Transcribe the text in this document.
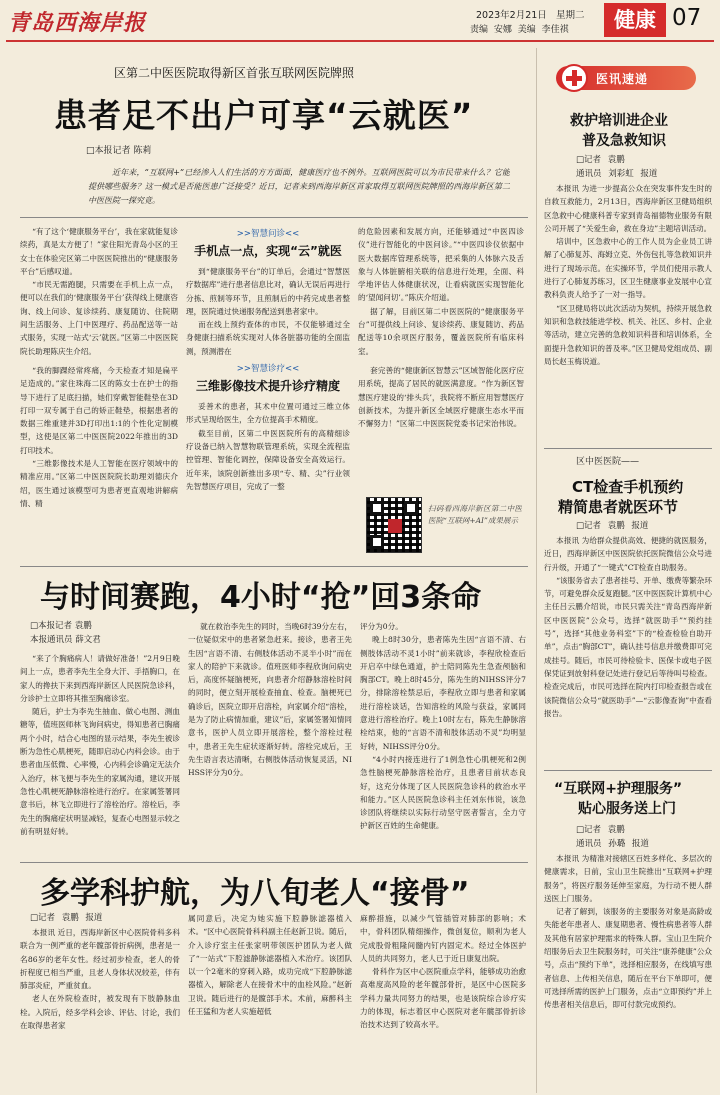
青岛西海岸报	2023年2月21日 星期二
责编 安娜 美编 李佳祺	健康 07
区第二中医医院取得新区首张互联网医院牌照
患者足不出户可享“云就医”
□本报记者 陈莉
近年来，“互联网+”已经渗入人们生活的方方面面，健康医疗也不例外。互联网医院可以为市民带来什么？它能提供哪些服务？这一模式是否能医患广泛接受？近日，记者来到西海岸新区首家取得互联网医院牌照的西海岸新区第二中医医院一探究竟。

“有了这个‘健康服务平台’，我在家就能复诊续药，真是太方便了！”家住阳光青岛小区的王女士在体验完区第二中医医院推出的“健康服务平台”后感叹道。

“市民无需跑腿，只需要在手机上点一点，便可以在我们的‘健康服务平台’获得线上健康咨询、线上问诊、复诊续药、康复随访、住院期间生活服务、上门中医理疗、药品配送等一站式服务，实现一站式‘云’就医。”区第二中医医院院长助理陈庆生介绍。

“我的脚踝经常疼痛，今天检查才知是扁平足造成的。”家住珠海二区的陈女士在护士的指导下进行了足底扫描，她们穿戴智能鞋垫在3D打印一双专属于自己的矫正鞋垫，根据患者的数据三维重建并3D打印出1:1的个性化定制模型，这使是区第二中医医院2022年推出的3D打印技术。

“三维影像技术是人工智能在医疗领域中的精准应用。”区第二中医医院院长助理刘德庆介绍，医生通过该模型可为患者更直观地讲解病情、精

>>智慧问诊<<
手机点一点，实现“云”就医

到“健康服务平台”的订单后，会通过“智慧医疗数据库”进行患者信息比对，确认无误后再进行分拣、煎制等环节，且煎制后的中药完成患者整理，医院通过快递服务配送到患者家中。

而在线上预约查体的市民，不仅能够通过全身健康扫描系统实现对人体各脏器功能的全面监测，预测潜在

>>智慧诊疗<<
三维影像技术提升诊疗精度

妥善术的患者，其术中位置可通过三维立体形式呈现给医生，全方位提高手术精度。

截至目前，区第二中医医院所有的高精细诊疗设备已纳入智慧物联管理系统，实现全流程监控管理、智能化调控，保障设备安全高效运行。近年来，该院创新推出多项“专、精、尖”行业领先智慧医疗项目，完成了一整

的危险因素和发展方向，还能够通过“中医四诊仪”进行智能化的中医问诊。”“中医四诊仪依据中医大数据库管理系统等，把采集的人体脉六及舌象与人体脏腑相关联的信息进行处理，全面、科学地评估人体健康状况，让看病就医实现智能化的‘望闻问切’。”陈庆介绍道。

据了解，目前区第二中医医院的“健康服务平台”可提供线上问诊、复诊续药、康复随访、药品配送等10余项医疗服务，覆盖医院所有临床科室。

套完善的“健康新区智慧云”区域智能化医疗应用系统，提高了居民的就医满意度。“作为新区智慧医疗建设的‘排头兵’，我院将不断应用智慧医疗创新技术，为提升新区全域医疗健康生态水平而不懈努力！”区第二中医医院党委书记宋治伟说。

扫码看西海岸新区第二中医医院“互联网+AI”成果展示
与时间赛跑，4小时“抢”回3条命
□本报记者 袁鹏
本报通讯员 薛文君

“来了个胸痛病人！请做好准备！”2月9日晚间上一点，患者李先生全身大汗、手捂胸口，在家人的搀扶下来到西海岸新区人民医院急诊科，分诊护士立即将其推至胸痛诊室。

随后，护士为李先生抽血、做心电图、测血糖等，值班医师林飞询问病史，得知患者已胸痛两个小时，结合心电图的显示结果，李先生被诊断为急性心肌梗死，随即启动心内科会诊。由于患者血压低微、心率慢，心内科会诊确定无法介入治疗，林飞便与李先生的家属沟通，建议开展急性心肌梗死静脉溶栓进行治疗。在家属签署同意书后，林飞立即进行了溶栓治疗。溶栓后，李先生的胸痛症状明显减轻，复查心电图显示较之前有明显好转。

就在救治李先生的同时，当晚6时39分左右，一位疑似宋中的患者紧急赶来。接诊，患者王先生因“言语不清、右侧肢体活动不灵半小时”而在家人的陪护下来就诊。值班医师李程欣询问病史后，高度怀疑脑梗死，向患者介绍静脉溶栓时间的同时，便立刻开展检查抽血、检查。脑梗死已确诊后，医院立即开启溶栓，向家属介绍“溶栓，是为了防止病情加重，建议”后，家属签署知情同意书，医护人员立即开展溶栓，整个溶栓过程中，患者王先生症状逐渐好转。溶栓完成后，王先生语言表达清晰，右侧肢体活动恢复灵活，NIHSS评分为0分。

评分为0分。

晚上8时30分，患者陈先生因“言语不清、右侧肢体活动不灵1小时”前来就诊，李程欣检查后开启卒中绿色通道，护士陪同陈先生急查颅脑和胸部CT。晚上8时45分，陈先生的NIHSS评分7分，排除溶栓禁忌后，李程欣立即与患者和家属进行溶栓谈话，告知溶栓的风险与获益，家属同意进行溶栓治疗。晚上10时左右，陈先生静脉溶栓结束，他的“言语不清和肢体活动不灵”均明显好转，NIHSS评分0分。

“4小时内接连进行了1例急性心肌梗死和2例急性脑梗死静脉溶栓治疗，且患者目前状态良好，这充分体现了区人民医院急诊科的救治水平和能力。”区人民医院急诊科主任刘东伟说，该急诊团队将继续以实际行动坚守医者誓言，全力守护新区百姓的生命健康。

多学科护航，为八旬老人“接骨”
□记者 袁鹏 报道

本报讯 近日，西海岸新区中心医院骨科多科联合为一例严重的老年髋部骨折病例，患者是一名86岁的老年女性。经过初步检查，老人的骨折程度已相当严重，且老人身体状况较差，伴有肺部炎症，严重贫血。

老人在外院检查时，被发现有下肢静脉血栓。入院后，经多学科会诊、评估、讨论，我们在取得患者家

属同意后，决定为她实施下腔静脉滤器植入术。“区中心医院骨科科副主任赵新卫说。随后，介入诊疗室主任张家明带领医护团队为老人做了“一站式”下腔滤静脉滤器植入术治疗。该团队以一个2毫米的穿刺入路，成功完成“下腔静脉滤器植入，解除老人在接骨术中的血栓风险。”赵新卫说。随后进行的是髋部手术。术前，麻醉科主任王猛和为老人实施超低

麻醉措施，以减少气管插管对肺部的影响；术中，骨科团队精细操作，微创复位，顺利为老人完成股骨粗隆间髓内钉内固定术。经过全体医护人员的共同努力，老人已于近日康复出院。

骨科作为区中心医院重点学科，能够成功治愈高难度高风险的老年髋部骨折，是区中心医院多学科力量共同努力的结果，也是该院综合诊疗实力的体现，标志着区中心医院对老年髋部骨折诊治技术达到了较高水平。

医讯速递
救护培训进企业
普及急救知识
□记者 袁鹏
通讯员 刘彩虹 报道

本报讯 为进一步提高公众在突发事件发生时的自救互救能力，2月13日，西海岸新区卫健局组织区急救中心健康科普专家到青岛福德物业服务有限公司开展了“关爱生命，救在身边”主题培训活动。

培训中，区急救中心的工作人员为企业员工讲解了心肺复苏、海姆立克、外伤包扎等急救知识并进行了现场示范。在实操环节，学员们使用示教人进行了心肺复苏练习，区卫生健康事业发展中心宣教科负责人给予了一对一指导。

“区卫健局将以此次活动为契机，持续开展急救知识和急救技能进学校、机关、社区、乡村、企业等活动，建立完善的急救知识科普和培训体系，全面提升急救知识的普及率。”区卫健局党组成员、副局长赵玉梅说道。

区中医医院——
CT检查手机预约
精简患者就医环节
□记者 袁鹏 报道

本报讯 为给群众提供高效、便捷的就医服务，近日，西海岸新区中医医院依托医院微信公众号进行升级，开通了“一键式”CT检查自助服务。

“该服务省去了患者挂号、开单、缴费等繁杂环节，可避免群众反复跑腿。”区中医医院计算机中心主任吕云鹏介绍说，市民只需关注“青岛西海岸新区中医医院”公众号，选择“就医助手”“预约挂号”，选择“其他业务科室”下的“检查检验自助开单”，点击“胸部CT”，确认挂号信息并缴费即可完成挂号。随后，市民可待检验卡、医保卡或电子医保凭证到放射科登记处进行登记后等待叫号检查。检查完成后，市民可选择在院内打印检查报告或在该院微信公众号“就医助手”—“云影像查询”中查看报告。

“互联网+护理服务”
贴心服务送上门
□记者 袁鹏
通讯员 孙璐 报道

本报讯 为精准对接辖区百姓多样化、多层次的健康需求，日前，宝山卫生院推出“互联网+护理服务”，将医疗服务延伸至家庭，为行动不便人群送医上门服务。

记者了解到，该服务的主要服务对象是高龄或失能老年患者人、康复期患者、慢性病患者等人群及其他有居家护理需求的特殊人群。宝山卫生院介绍服务后去卫生院服务时，可关注“康养健康”公众号，点击“预约下单”，选择相应服务，在线填写患者信息、上传相关信息，随后在平台下单即可，便可选择所需的医护上门服务，点击“立即预约”并上传患者相关信息后，即可付款完成预约。
